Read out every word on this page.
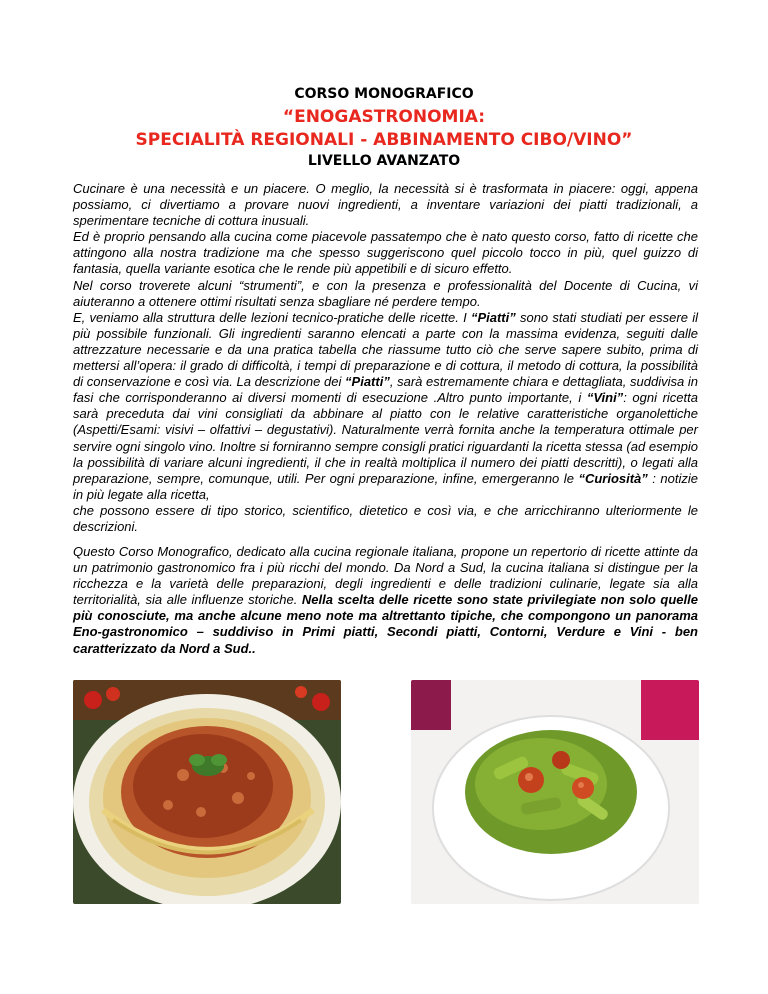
CORSO MONOGRAFICO
“ENOGASTRONOMIA:
SPECIALITÀ REGIONALI - ABBINAMENTO CIBO/VINO”
LIVELLO AVANZATO

Cucinare è una necessità e un piacere. O meglio, la necessità si è trasformata in piacere: oggi, appena possiamo, ci divertiamo a provare nuovi ingredienti, a inventare variazioni dei piatti tradizionali, a sperimentare tecniche di cottura inusuali.

Ed è proprio pensando alla cucina come piacevole passatempo che è nato questo corso, fatto di ricette che attingono alla nostra tradizione ma che spesso suggeriscono quel piccolo tocco in più, quel guizzo di fantasia, quella variante esotica che le rende più appetibili e di sicuro effetto.

Nel corso troverete alcuni “strumenti”, e con la presenza e professionalità del Docente di Cucina, vi aiuteranno a ottenere ottimi risultati senza sbagliare né perdere tempo.

E, veniamo alla struttura delle lezioni tecnico-pratiche delle ricette. I “Piatti” sono stati studiati per essere il più possibile funzionali. Gli ingredienti saranno elencati a parte con la massima evidenza, seguiti dalle attrezzature necessarie e da una pratica tabella che riassume tutto ciò che serve sapere subito, prima di mettersi all’opera: il grado di difficoltà, i tempi di preparazione e di cottura, il metodo di cottura, la possibilità di conservazione e così via. La descrizione dei “Piatti”, sarà estremamente chiara e dettagliata, suddivisa in fasi che corrisponderanno ai diversi momenti di esecuzione .Altro punto importante, i “Vini”: ogni ricetta sarà preceduta dai vini consigliati da abbinare al piatto con le relative caratteristiche organolettiche (Aspetti/Esami: visivi – olfattivi – degustativi). Naturalmente verrà fornita anche la temperatura ottimale per servire ogni singolo vino. Inoltre si forniranno sempre consigli pratici riguardanti la ricetta stessa (ad esempio la possibilità di variare alcuni ingredienti, il che in realtà moltiplica il numero dei piatti descritti), o legati alla preparazione, sempre, comunque, utili. Per ogni preparazione, infine, emergeranno le “Curiosità” : notizie in più legate alla ricetta,

che possono essere di tipo storico, scientifico, dietetico e così via, e che arricchiranno ulteriormente le descrizioni.

Questo Corso Monografico, dedicato alla cucina regionale italiana, propone un repertorio di ricette attinte da un patrimonio gastronomico fra i più ricchi del mondo. Da Nord a Sud, la cucina italiana si distingue per la ricchezza e la varietà delle preparazioni, degli ingredienti e delle tradizioni culinarie, legate sia alla territorialità, sia alle influenze storiche. Nella scelta delle ricette sono state privilegiate non solo quelle più conosciute, ma anche alcune meno note ma altrettanto tipiche, che compongono un panorama Eno-gastronomico – suddiviso in Primi piatti, Secondi piatti, Contorni, Verdure e Vini - ben caratterizzato da Nord a Sud..
